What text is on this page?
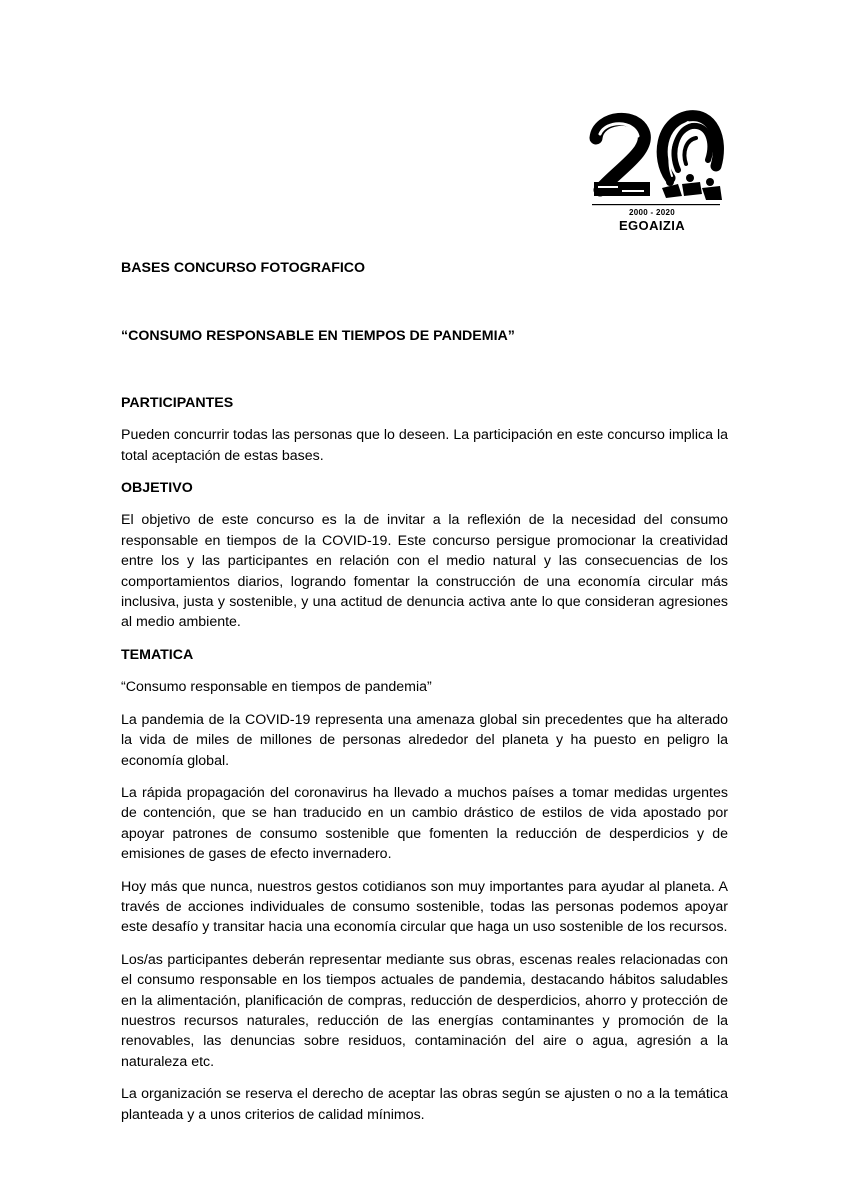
2000 - 2020
EGOAIZIA

BASES CONCURSO FOTOGRAFICO

“CONSUMO RESPONSABLE EN TIEMPOS DE PANDEMIA”

PARTICIPANTES

Pueden concurrir todas las personas que lo deseen. La participación en este concurso implica la total aceptación de estas bases.

OBJETIVO

El objetivo de este concurso es la de invitar a la reflexión de la necesidad del consumo responsable en tiempos de la COVID-19. Este concurso persigue promocionar la creatividad entre los y las participantes en relación con el medio natural y las consecuencias de los comportamientos diarios, logrando fomentar la construcción de una economía circular más inclusiva, justa y sostenible, y una actitud de denuncia activa ante lo que consideran agresiones al medio ambiente.

TEMATICA

“Consumo responsable en tiempos de pandemia”

La pandemia de la COVID-19 representa una amenaza global sin precedentes que ha alterado la vida de miles de millones de personas alrededor del planeta y ha puesto en peligro la economía global.

La rápida propagación del coronavirus ha llevado a muchos países a tomar medidas urgentes de contención, que se han traducido en un cambio drástico de estilos de vida apostado por apoyar patrones de consumo sostenible que fomenten la reducción de desperdicios y de emisiones de gases de efecto invernadero.

Hoy más que nunca, nuestros gestos cotidianos son muy importantes para ayudar al planeta. A través de acciones individuales de consumo sostenible, todas las personas podemos apoyar este desafío y transitar hacia una economía circular que haga un uso sostenible de los recursos.

Los/as participantes deberán representar mediante sus obras, escenas reales relacionadas con el consumo responsable en los tiempos actuales de pandemia, destacando hábitos saludables en la alimentación, planificación de compras, reducción de desperdicios, ahorro y protección de nuestros recursos naturales, reducción de las energías contaminantes y promoción de la renovables, las denuncias sobre residuos, contaminación del aire o agua, agresión a la naturaleza etc.

La organización se reserva el derecho de aceptar las obras según se ajusten o no a la temática planteada y a unos criterios de calidad mínimos.
